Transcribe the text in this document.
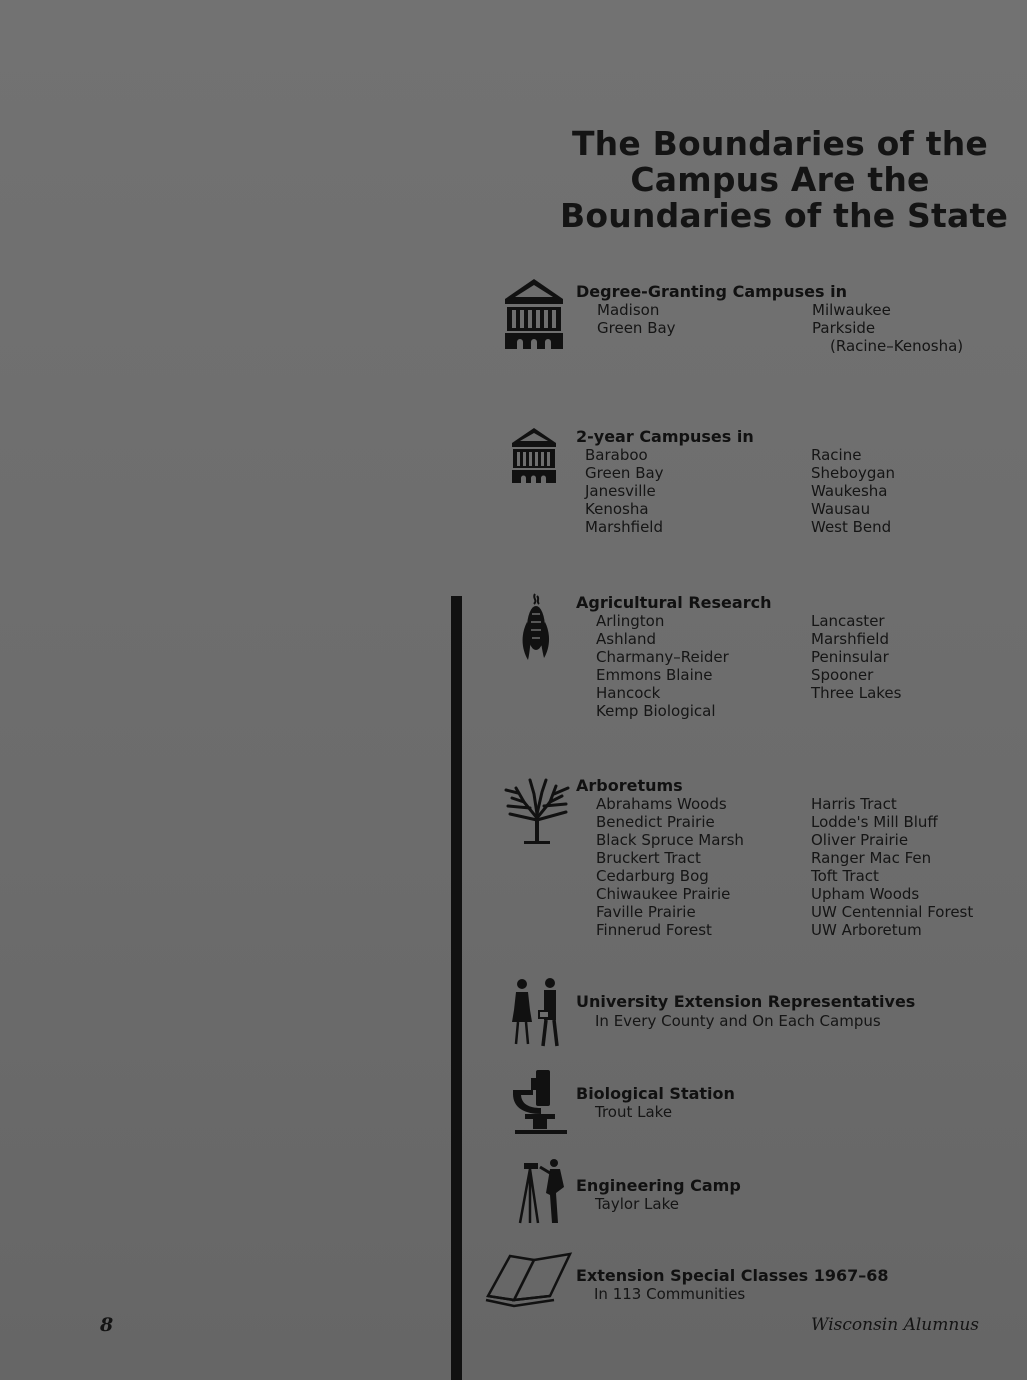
The Boundaries of the
Campus Are the
Boundaries of the State
Degree-Granting Campuses in
Madison
Green Bay
Milwaukee
Parkside
(Racine–Kenosha)
2-year Campuses in
Baraboo
Green Bay
Janesville
Kenosha
Marshfield
Racine
Sheboygan
Waukesha
Wausau
West Bend
Agricultural Research
Arlington
Ashland
Charmany–Reider
Emmons Blaine
Hancock
Kemp Biological
Lancaster
Marshfield
Peninsular
Spooner
Three Lakes
Arboretums
Abrahams Woods
Benedict Prairie
Black Spruce Marsh
Bruckert Tract
Cedarburg Bog
Chiwaukee Prairie
Faville Prairie
Finnerud Forest
Harris Tract
Lodde's Mill Bluff
Oliver Prairie
Ranger Mac Fen
Toft Tract
Upham Woods
UW Centennial Forest
UW Arboretum
University Extension Representatives
In Every County and On Each Campus
Biological Station
Trout Lake
Engineering Camp
Taylor Lake
Extension Special Classes 1967–68
In 113 Communities
8	Wisconsin Alumnus
